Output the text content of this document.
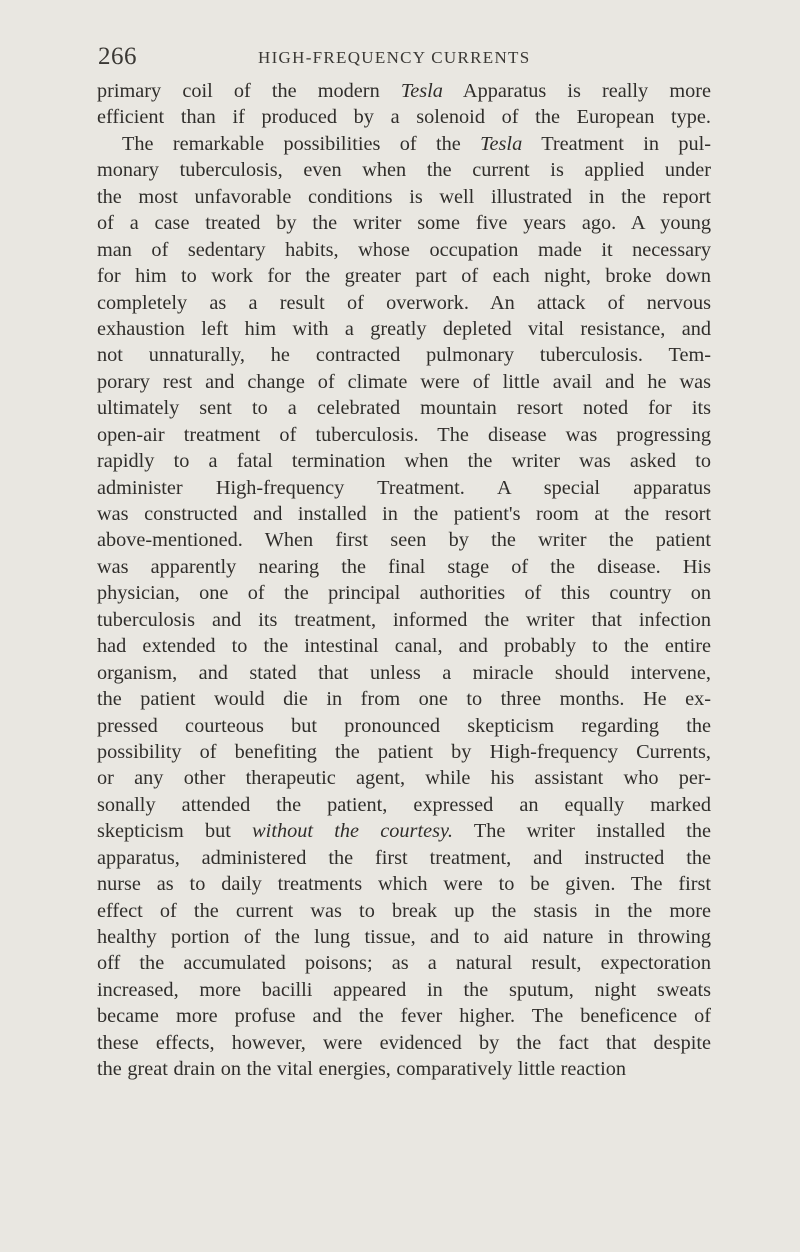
266	HIGH-FREQUENCY CURRENTS
primary coil of the modern Tesla Apparatus is really more
efficient than if produced by a solenoid of the European type.
The remarkable possibilities of the Tesla Treatment in pul-
monary tuberculosis, even when the current is applied under
the most unfavorable conditions is well illustrated in the report
of a case treated by the writer some five years ago. A young
man of sedentary habits, whose occupation made it necessary
for him to work for the greater part of each night, broke down
completely as a result of overwork. An attack of nervous
exhaustion left him with a greatly depleted vital resistance, and
not unnaturally, he contracted pulmonary tuberculosis. Tem-
porary rest and change of climate were of little avail and he was
ultimately sent to a celebrated mountain resort noted for its
open-air treatment of tuberculosis. The disease was progressing
rapidly to a fatal termination when the writer was asked to
administer High-frequency Treatment. A special apparatus
was constructed and installed in the patient's room at the resort
above-mentioned. When first seen by the writer the patient
was apparently nearing the final stage of the disease. His
physician, one of the principal authorities of this country on
tuberculosis and its treatment, informed the writer that infection
had extended to the intestinal canal, and probably to the entire
organism, and stated that unless a miracle should intervene,
the patient would die in from one to three months. He ex-
pressed courteous but pronounced skepticism regarding the
possibility of benefiting the patient by High-frequency Currents,
or any other therapeutic agent, while his assistant who per-
sonally attended the patient, expressed an equally marked
skepticism but without the courtesy. The writer installed the
apparatus, administered the first treatment, and instructed the
nurse as to daily treatments which were to be given. The first
effect of the current was to break up the stasis in the more
healthy portion of the lung tissue, and to aid nature in throwing
off the accumulated poisons; as a natural result, expectoration
increased, more bacilli appeared in the sputum, night sweats
became more profuse and the fever higher. The beneficence of
these effects, however, were evidenced by the fact that despite
the great drain on the vital energies, comparatively little reaction
